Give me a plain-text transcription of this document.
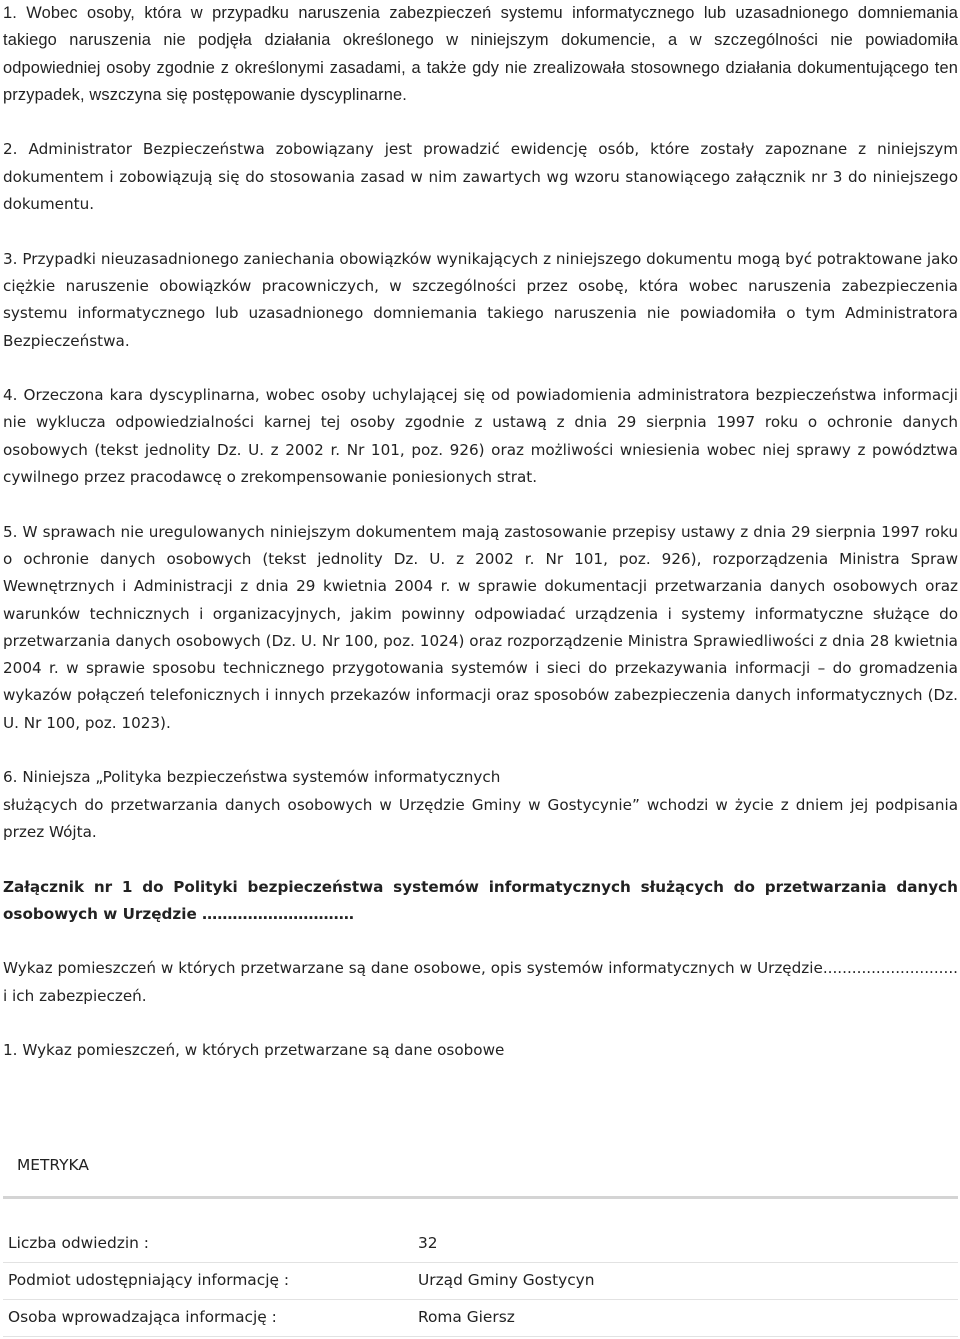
1. Wobec osoby, która w przypadku naruszenia zabezpieczeń systemu informatycznego lub uzasadnionego domniemania takiego naruszenia nie podjęła działania określonego w niniejszym dokumencie, a w szczególności nie powiadomiła odpowiedniej osoby zgodnie z określonymi zasadami, a także gdy nie zrealizowała stosownego działania dokumentującego ten przypadek, wszczyna się postępowanie dyscyplinarne.

2. Administrator Bezpieczeństwa zobowiązany jest prowadzić ewidencję osób, które zostały zapoznane z niniejszym dokumentem i zobowiązują się do stosowania zasad w nim zawartych wg wzoru stanowiącego załącznik nr 3 do niniejszego dokumentu.

3. Przypadki nieuzasadnionego zaniechania obowiązków wynikających z niniejszego dokumentu mogą być potraktowane jako ciężkie naruszenie obowiązków pracowniczych, w szczególności przez osobę, która wobec naruszenia zabezpieczenia systemu informatycznego lub uzasadnionego domniemania takiego naruszenia nie powiadomiła o tym Administratora Bezpieczeństwa.

4. Orzeczona kara dyscyplinarna, wobec osoby uchylającej się od powiadomienia administratora bezpieczeństwa informacji nie wyklucza odpowiedzialności karnej tej osoby zgodnie z ustawą z dnia 29 sierpnia 1997 roku o ochronie danych osobowych (tekst jednolity Dz. U. z 2002 r. Nr 101, poz. 926) oraz możliwości wniesienia wobec niej sprawy z powództwa cywilnego przez pracodawcę o zrekompensowanie poniesionych strat.

5. W sprawach nie uregulowanych niniejszym dokumentem mają zastosowanie przepisy ustawy z dnia 29 sierpnia 1997 roku o ochronie danych osobowych (tekst jednolity Dz. U. z 2002 r. Nr 101, poz. 926), rozporządzenia Ministra Spraw Wewnętrznych i Administracji z dnia 29 kwietnia 2004 r. w sprawie dokumentacji przetwarzania danych osobowych oraz warunków technicznych i organizacyjnych, jakim powinny odpowiadać urządzenia i systemy informatyczne służące do przetwarzania danych osobowych (Dz. U. Nr 100, poz. 1024) oraz rozporządzenie Ministra Sprawiedliwości z dnia 28 kwietnia 2004 r. w sprawie sposobu technicznego przygotowania systemów i sieci do przekazywania informacji – do gromadzenia wykazów połączeń telefonicznych i innych przekazów informacji oraz sposobów zabezpieczenia danych informatycznych (Dz. U. Nr 100, poz. 1023).

6. Niniejsza „Polityka bezpieczeństwa systemów informatycznych

służących do przetwarzania danych osobowych w Urzędzie Gminy w Gostycynie” wchodzi w życie z dniem jej podpisania przez Wójta.

Załącznik nr 1 do Polityki bezpieczeństwa systemów informatycznych służących do przetwarzania danych osobowych w Urzędzie …………………………

Wykaz pomieszczeń w których przetwarzane są dane osobowe, opis systemów informatycznych w Urzędzie............................ i ich zabezpieczeń.

1. Wykaz pomieszczeń, w których przetwarzane są dane osobowe

METRYKA
Liczba odwiedzin :	32
Podmiot udostępniający informację :	Urząd Gminy Gostycyn
Osoba wprowadzająca informację :	Roma Giersz
